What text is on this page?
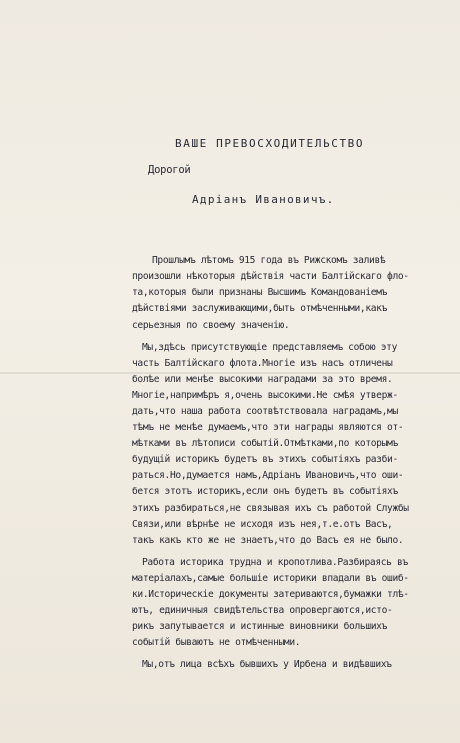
ВАШЕ ПРЕВОСХОДИТЕЛЬСТВО

Дорогой

Адріанъ Ивановичъ.

Прошлымъ лѣтомъ 915 года въ Рижскомъ заливѣ

произошли нѣкоторыя дѣйствія части Балтійскаго фло-

та,которыя были признаны Высшимъ Командованіемъ

дѣйствіями заслуживающими,быть отмѣченными,какъ

серьезныя по своему значенію.

Мы,здѣсь присутствующіе представляемъ собою эту

часть Балтійскаго флота.Многіе изъ насъ отличены

болѣе или менѣе высокими наградами за это время.

Многіе,напримѣръ я,очень высокими.Не смѣя утверж-

дать,что наша работа соотвѣтствовала наградамъ,мы

тѣмъ не менѣе думаемъ,что эти награды являются от-

мѣтками въ лѣтописи событій.Отмѣтками,по которымъ

будущій историкъ будетъ въ этихъ событіяхъ разби-

раться.Но,думается намъ,Адріанъ Ивановичъ,что оши-

бется этотъ историкъ,если онъ будетъ въ событіяхъ

этихъ разбираться,не связывая ихъ съ работой Службы

Связи,или вѣрнѣе не исходя изъ нея,т.е.отъ Васъ,

такъ какъ кто же не знаетъ,что до Васъ ея не было.

Работа историка трудна и кропотлива.Разбираясь въ

матеріалахъ,самые большіе историки впадали въ ошиб-

ки.Историческіе документы затериваются,бумажки тлѣ-

ютъ, единичныя свидѣтельства опровергаются,исто-

рикъ запутывается и истинные виновники большихъ

событій бываютъ не отмѣченными.

Мы,отъ лица всѣхъ бывшихъ у Ирбена и видѣвшихъ
